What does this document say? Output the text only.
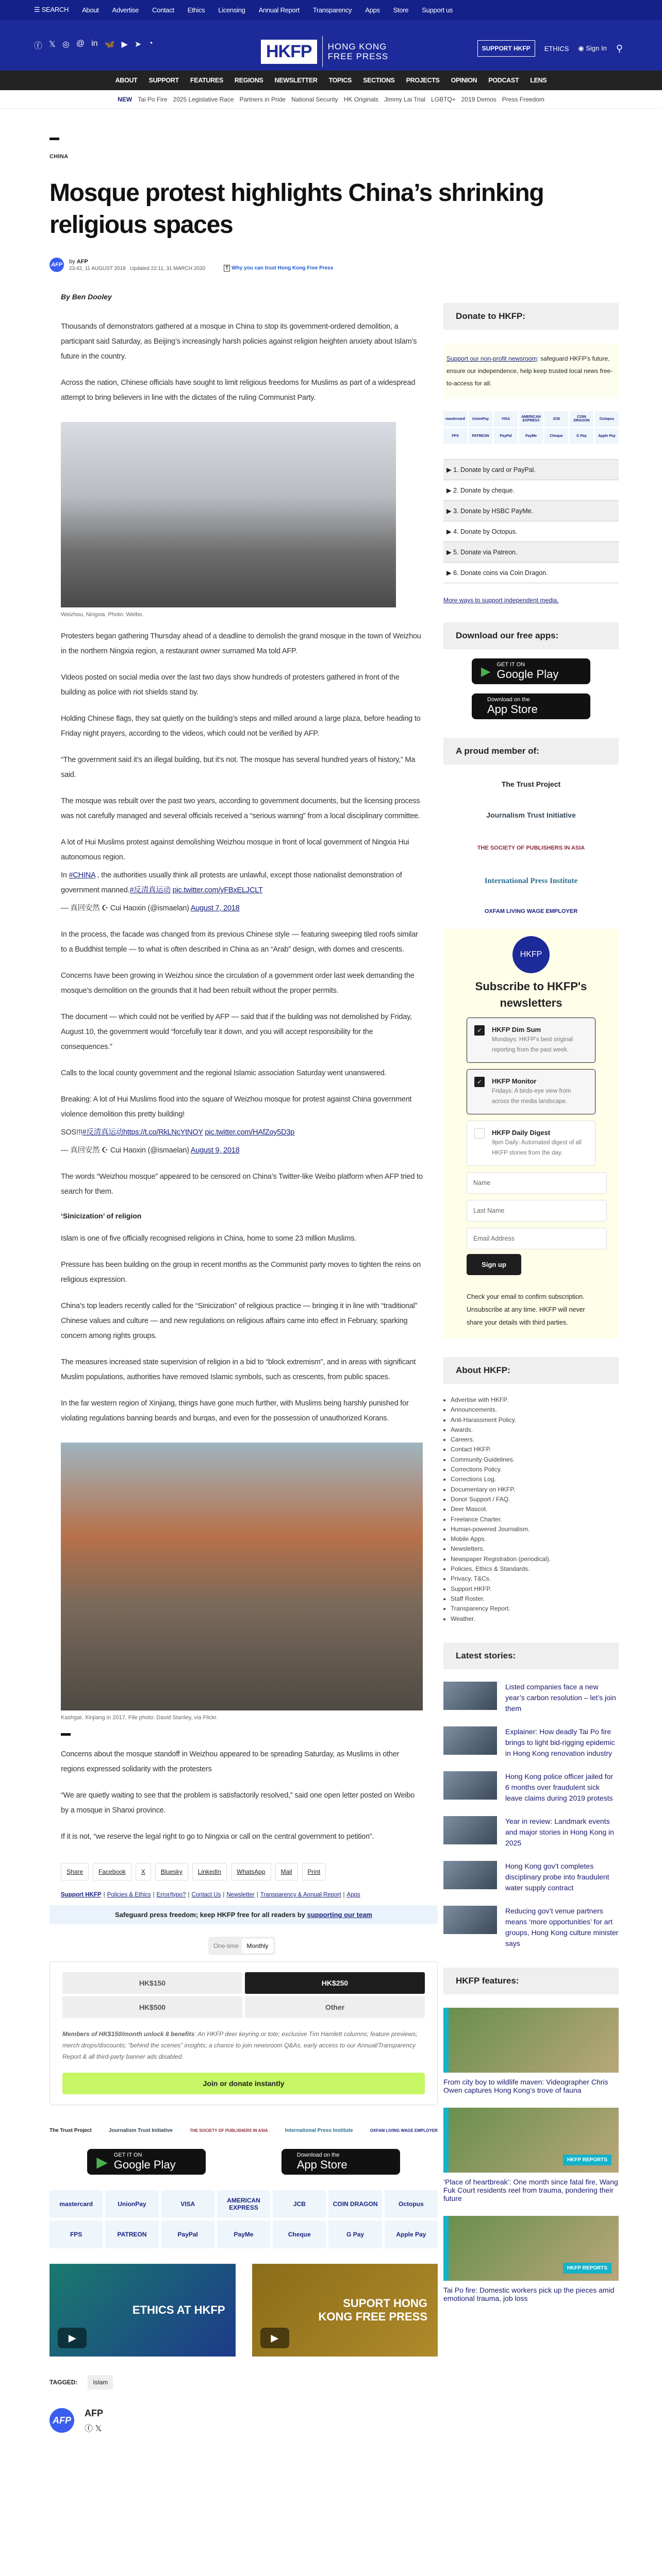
☰ SEARCH About Advertise Contact Ethics Licensing Annual Report Transparency Apps Store Support us
ⓕ 𝕏 ◎ @ in 🦋 ▶ ➤ ◔	HKFP	HONG KONG
FREE PRESS
SUPPORT HKFP	ETHICS ◉ Sign In ⚲
ABOUT SUPPORT FEATURES REGIONS NEWSLETTER TOPICS SECTIONS PROJECTS OPINION PODCAST LENS
NEW Tai Po Fire 2025 Legislative Race Partners in Pride National Security HK Originals Jimmy Lai Trial LGBTQ+ 2019 Demos Press Freedom
CHINA
Mosque protest highlights China’s shrinking religious spaces
AFP
by AFP
23:42, 11 AUGUST 2018 Updated 22:11, 31 MARCH 2020	T Why you can trust Hong Kong Free Press
By Ben Dooley

Thousands of demonstrators gathered at a mosque in China to stop its government-ordered demolition, a participant said Saturday, as Beijing’s increasingly harsh policies against religion heighten anxiety about Islam’s future in the country.

Across the nation, Chinese officials have sought to limit religious freedoms for Muslims as part of a widespread attempt to bring believers in line with the dictates of the ruling Communist Party.

Weizhou, Ningxia. Photo: Weibo.

Protesters began gathering Thursday ahead of a deadline to demolish the grand mosque in the town of Weizhou in the northern Ningxia region, a restaurant owner surnamed Ma told AFP.

Videos posted on social media over the last two days show hundreds of protesters gathered in front of the building as police with riot shields stand by.

Holding Chinese flags, they sat quietly on the building’s steps and milled around a large plaza, before heading to Friday night prayers, according to the videos, which could not be verified by AFP.

“The government said it’s an illegal building, but it’s not. The mosque has several hundred years of history,” Ma said.

The mosque was rebuilt over the past two years, according to government documents, but the licensing process was not carefully managed and several officials received a “serious warning” from a local disciplinary committee.

A lot of Hui Muslims protest against demolishing Weizhou mosque in front of local government of Ningxia Hui autonomous region.

In #CHINA , the authorities usually think all protests are unlawful, except those nationalist demonstration of government manned.#反清真运动 pic.twitter.com/yFBxELJCLT

— 真回安然 ☪ Cui Haoxin (@ismaelan) August 7, 2018

In the process, the facade was changed from its previous Chinese style — featuring sweeping tiled roofs similar to a Buddhist temple — to what is often described in China as an “Arab” design, with domes and crescents.

Concerns have been growing in Weizhou since the circulation of a government order last week demanding the mosque’s demolition on the grounds that it had been rebuilt without the proper permits.

The document — which could not be verified by AFP — said that if the building was not demolished by Friday, August 10, the government would “forcefully tear it down, and you will accept responsibility for the consequences.”

Calls to the local county government and the regional Islamic association Saturday went unanswered.

Breaking: A lot of Hui Muslims flood into the square of Weizhou mosque for protest against China government violence demolition this pretty building!

SOS!!!#反清真运动https://t.co/RkLNcYtNOY pic.twitter.com/HAfZoy5D3p

— 真回安然 ☪ Cui Haoxin (@ismaelan) August 9, 2018

The words “Weizhou mosque” appeared to be censored on China’s Twitter-like Weibo platform when AFP tried to search for them.

‘Sinicization’ of religion

Islam is one of five officially recognised religions in China, home to some 23 million Muslims.

Pressure has been building on the group in recent months as the Communist party moves to tighten the reins on religious expression.

China’s top leaders recently called for the “Sinicization” of religious practice — bringing it in line with “traditional” Chinese values and culture — and new regulations on religious affairs came into effect in February, sparking concern among rights groups.

The measures increased state supervision of religion in a bid to “block extremism”, and in areas with significant Muslim populations, authorities have removed Islamic symbols, such as crescents, from public spaces.

In the far western region of Xinjiang, things have gone much further, with Muslims being harshly punished for violating regulations banning beards and burqas, and even for the possession of unauthorized Korans.

Kashgar, Xinjiang in 2017. File photo: David Stanley, via Flickr.

Concerns about the mosque standoff in Weizhou appeared to be spreading Saturday, as Muslims in other regions expressed solidarity with the protesters

“We are quietly waiting to see that the problem is satisfactorily resolved,” said one open letter posted on Weibo by a mosque in Shanxi province.

If it is not, “we reserve the legal right to go to Ningxia or call on the central government to petition”.

Share	Facebook	X	Bluesky	LinkedIn	WhatsApp	Mail	Print
Support HKFP | Policies & Ethics | Error/typo? | Contact Us | Newsletter | Transparency & Annual Report | Apps
Safeguard press freedom; keep HKFP free for all readers by supporting our team
One-time	Monthly
HK$150	HK$250
HK$500	Other
Members of HK$150/month unlock 8 benefits: An HKFP deer keyring or tote; exclusive Tim Hamlett columns; feature previews; merch drops/discounts; "behind the scenes" insights; a chance to join newsroom Q&As, early access to our Annual/Transparency Report & all third-party banner ads disabled.
Join or donate instantly
The Trust Project	Journalism Trust Initiative	THE SOCIETY OF PUBLISHERS IN ASIA	International Press Institute	OXFAM LIVING WAGE EMPLOYER
▶ GET IT ON
Google Play
Download on the
App Store
mastercard	UnionPay	VISA	AMERICAN EXPRESS	JCB	COIN DRAGON	Octopus
FPS	PATREON	PayPal	PayMe	Cheque	G Pay	Apple Pay
ETHICS AT HKFP
▶
SUPORT HONG KONG FREE PRESS
▶
TAGGED:	Islam
AFP
AFP
ⓕ 𝕏
Donate to HKFP:
Support our non-profit newsroom: safeguard HKFP's future, ensure our independence, help keep trusted local news free-to-access for all.
mastercard	UnionPay	VISA	AMERICAN EXPRESS	JCB	COIN DRAGON	Octopus
FPS	PATREON	PayPal	PayMe	Cheque	G Pay	Apple Pay
▶ 1. Donate by card or PayPal.
▶ 2. Donate by cheque.
▶ 3. Donate by HSBC PayMe.
▶ 4. Donate by Octopus.
▶ 5. Donate via Patreon.
▶ 6. Donate coins via Coin Dragon.
More ways to support independent media.
Download our free apps:
▶ GET IT ON
Google Play
Download on the
App Store
A proud member of:
The Trust Project
Journalism Trust Initiative
THE SOCIETY OF PUBLISHERS IN ASIA
International Press Institute
OXFAM LIVING WAGE EMPLOYER
HKFP
Subscribe to HKFP's newsletters
✓	HKFP Dim Sum

Mondays: HKFP's best original reporting from the past week.

✓	HKFP Monitor

Fridays: A birds-eye view from across the media landscape.

HKFP Daily Digest

9pm Daily: Automated digest of all HKFP stories from the day.

Name
Last Name
Email Address
Sign up
Check your email to confirm subscription. Unsubscribe at any time. HKFP will never share your details with third parties.
About HKFP:
• Advertise with HKFP.
• Announcements.
• Anti-Harassment Policy.
• Awards.
• Careers.
• Contact HKFP.
• Community Guidelines.
• Corrections Policy.
• Corrections Log.
• Documentary on HKFP.
• Donor Support / FAQ.
• Deer Mascot.
• Freelance Charter.
• Human-powered Journalism.
• Mobile Apps.
• Newsletters.
• Newspaper Registration (periodical).
• Policies, Ethics & Standards.
• Privacy, T&Cs.
• Support HKFP.
• Staff Roster.
• Transparency Report.
• Weather.
Latest stories:
Listed companies face a new year’s carbon resolution – let’s join them
Explainer: How deadly Tai Po fire brings to light bid-rigging epidemic in Hong Kong renovation industry
Hong Kong police officer jailed for 6 months over fraudulent sick leave claims during 2019 protests
Year in review: Landmark events and major stories in Hong Kong in 2025
Hong Kong gov’t completes disciplinary probe into fraudulent water supply contract
Reducing gov’t venue partners means ‘more opportunities’ for art groups, Hong Kong culture minister says
HKFP features:
From city boy to wildlife maven: Videographer Chris Owen captures Hong Kong’s trove of fauna
HKFP REPORTS
‘Place of heartbreak’: One month since fatal fire, Wang Fuk Court residents reel from trauma, pondering their future
HKFP REPORTS
Tai Po fire: Domestic workers pick up the pieces amid emotional trauma, job loss
